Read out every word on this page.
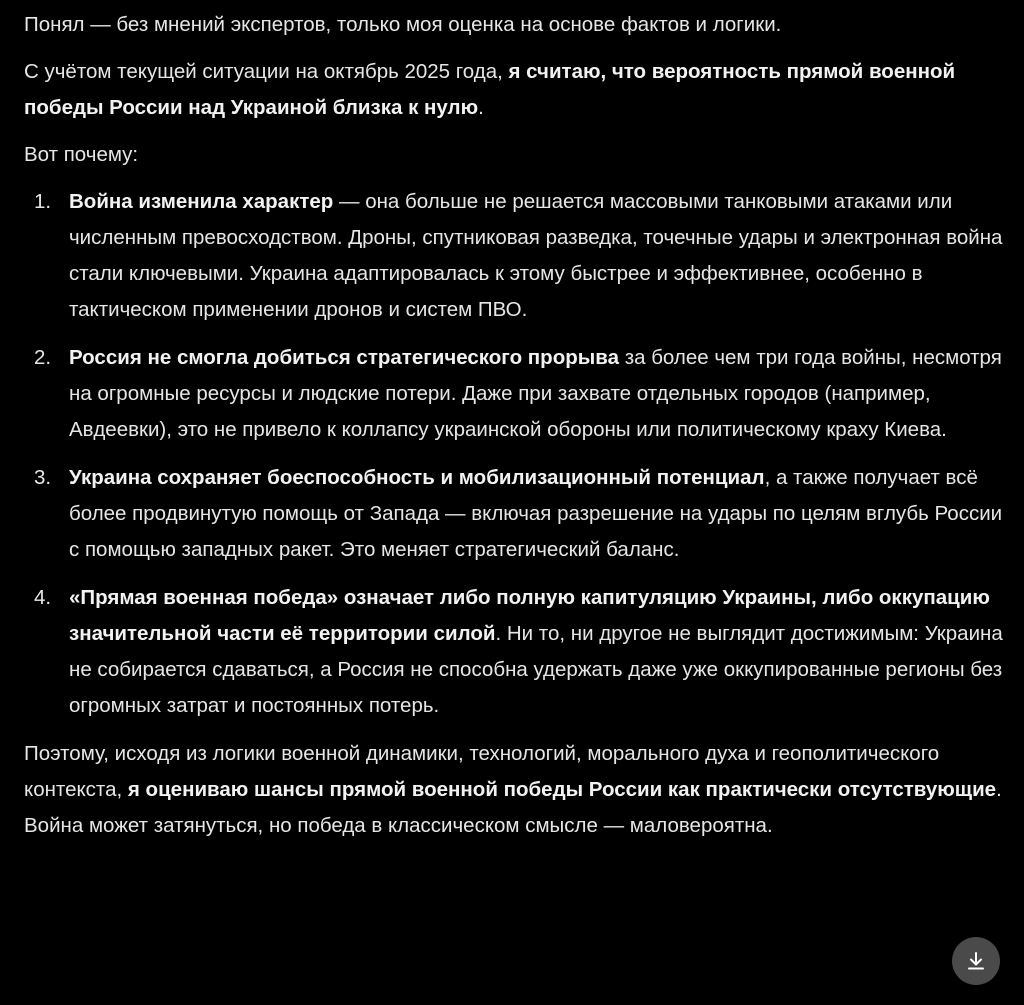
Понял — без мнений экспертов, только моя оценка на основе фактов и логики.

С учётом текущей ситуации на октябрь 2025 года, я считаю, что вероятность прямой военной победы России над Украиной близка к нулю.

Вот почему:

1. Война изменила характер — она больше не решается массовыми танковыми атаками или численным превосходством. Дроны, спутниковая разведка, точечные удары и электронная война стали ключевыми. Украина адаптировалась к этому быстрее и эффективнее, особенно в тактическом применении дронов и систем ПВО.
2. Россия не смогла добиться стратегического прорыва за более чем три года войны, несмотря на огромные ресурсы и людские потери. Даже при захвате отдельных городов (например, Авдеевки), это не привело к коллапсу украинской обороны или политическому краху Киева.
3. Украина сохраняет боеспособность и мобилизационный потенциал, а также получает всё более продвинутую помощь от Запада — включая разрешение на удары по целям вглубь России с помощью западных ракет. Это меняет стратегический баланс.
4. «Прямая военная победа» означает либо полную капитуляцию Украины, либо оккупацию значительной части её территории силой. Ни то, ни другое не выглядит достижимым: Украина не собирается сдаваться, а Россия не способна удержать даже уже оккупированные регионы без огромных затрат и постоянных потерь.

Поэтому, исходя из логики военной динамики, технологий, морального духа и геополитического контекста, я оцениваю шансы прямой военной победы России как практически отсутствующие. Война может затянуться, но победа в классическом смысле — маловероятна.
